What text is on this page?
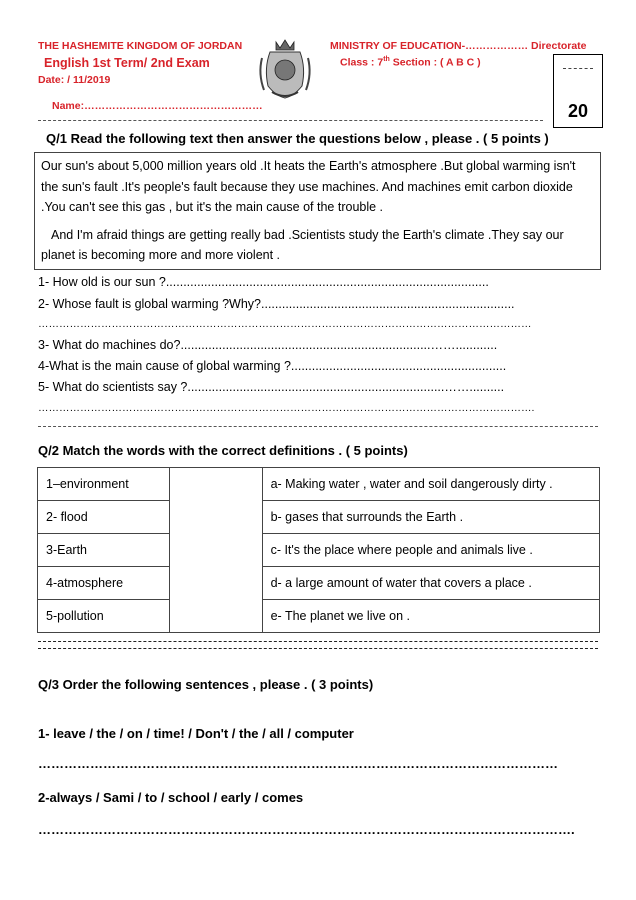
THE HASHEMITE KINGDOM OF JORDAN	MINISTRY OF EDUCATION-……………… Directorate
English 1st Term/ 2nd Exam	Class : 7th Section : ( A B C )
Date: / 11/2019
Name:……………………………………………	20
Q/1 Read the following text then answer the questions below , please . ( 5 points )

Our sun's about 5,000 million years old .It heats the Earth's atmosphere .But global warming isn't the sun's fault .It's people's fault because they use machines. And machines emit carbon dioxide .You can't see this gas , but it's the main cause of the trouble .

And I'm afraid things are getting really bad .Scientists study the Earth's climate .They say our planet is becoming more and more violent .

1- How old is our sun ?.............................................................................................
2- Whose fault is global warming ?Why?.........................................................................
……………………………………………………………………………………………………………………………
3- What do machines do?........................................................................……............
4-What is the main cause of global warming ?..............................................................
5- What do scientists say ?..........................................................................……..........
…………………………………………………………………………………………………………………………….
Q/2 Match the words with the correct definitions . ( 5 points)
1–environment		a- Making water , water and soil dangerously dirty .
2- flood		b- gases that surrounds the Earth .
3-Earth		c- It's the place where people and animals live .
4-atmosphere		d- a large amount of water that covers a place .
5-pollution		e- The planet we live on .
Q/3 Order the following sentences , please . ( 3 points)
1- leave / the / on / time! / Don't / the / all / computer
…………………………………………………………………………………………………………
2-always / Sami / to / school / early / comes
…………………………………………………………………………………………………………….
